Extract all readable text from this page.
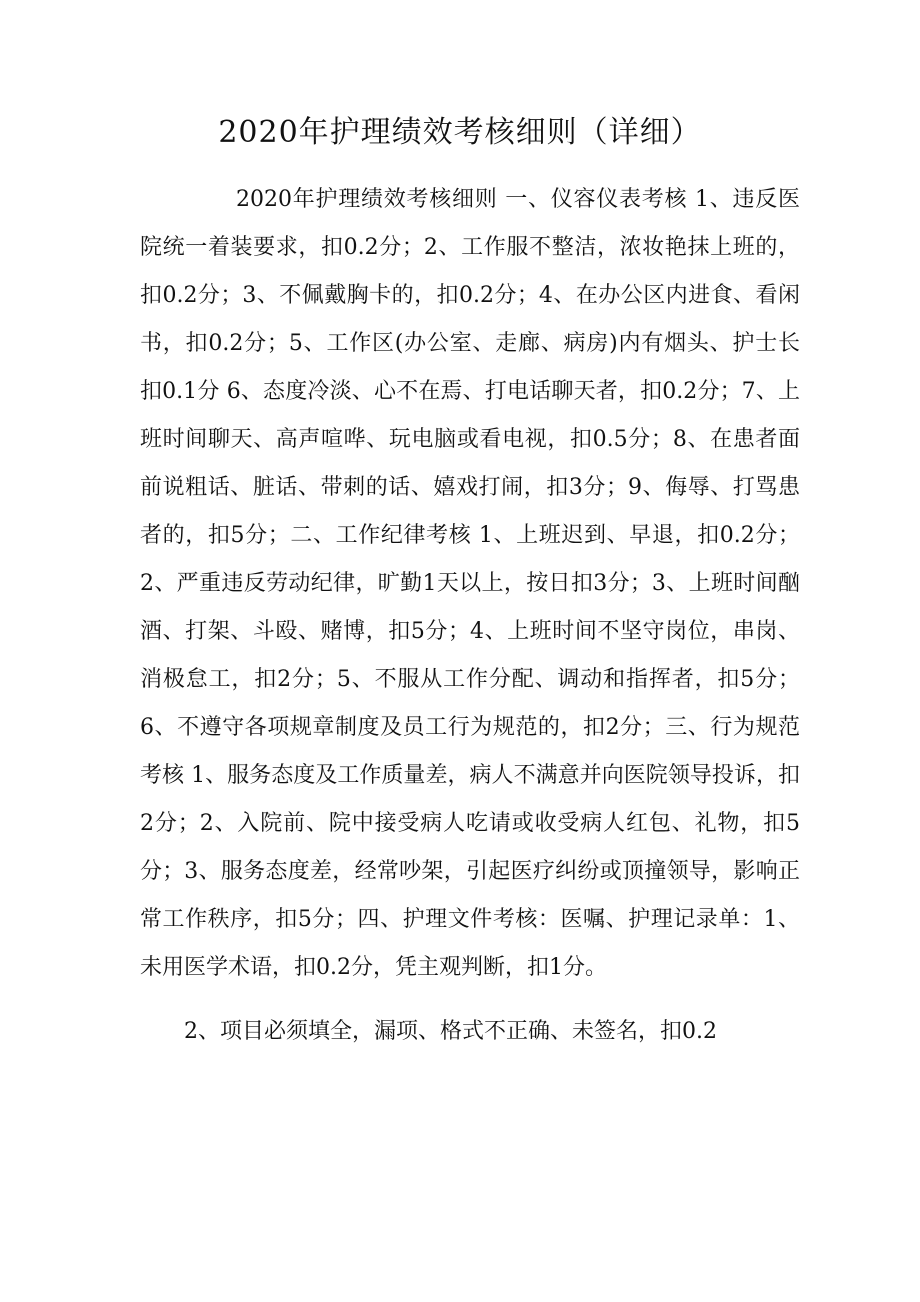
2020年护理绩效考核细则（详细）

2020年护理绩效考核细则 一、仪容仪表考核 1、违反医院统一着装要求，扣0.2分；2、工作服不整洁，浓妆艳抹上班的，扣0.2分；3、不佩戴胸卡的，扣0.2分；4、在办公区内进食、看闲书，扣0.2分；5、工作区(办公室、走廊、病房)内有烟头、护士长扣0.1分 6、态度冷淡、心不在焉、打电话聊天者，扣0.2分；7、上班时间聊天、高声喧哗、玩电脑或看电视，扣0.5分；8、在患者面前说粗话、脏话、带刺的话、嬉戏打闹，扣3分；9、侮辱、打骂患者的，扣5分；二、工作纪律考核 1、上班迟到、早退，扣0.2分；2、严重违反劳动纪律，旷勤1天以上，按日扣3分；3、上班时间酗酒、打架、斗殴、赌博，扣5分；4、上班时间不坚守岗位，串岗、消极怠工，扣2分；5、不服从工作分配、调动和指挥者，扣5分；6、不遵守各项规章制度及员工行为规范的，扣2分；三、行为规范考核 1、服务态度及工作质量差，病人不满意并向医院领导投诉，扣2分；2、入院前、院中接受病人吃请或收受病人红包、礼物，扣5分；3、服务态度差，经常吵架，引起医疗纠纷或顶撞领导，影响正常工作秩序，扣5分；四、护理文件考核：医嘱、护理记录单：1、未用医学术语，扣0.2分，凭主观判断，扣1分。

2、项目必须填全，漏项、格式不正确、未签名，扣0.2
